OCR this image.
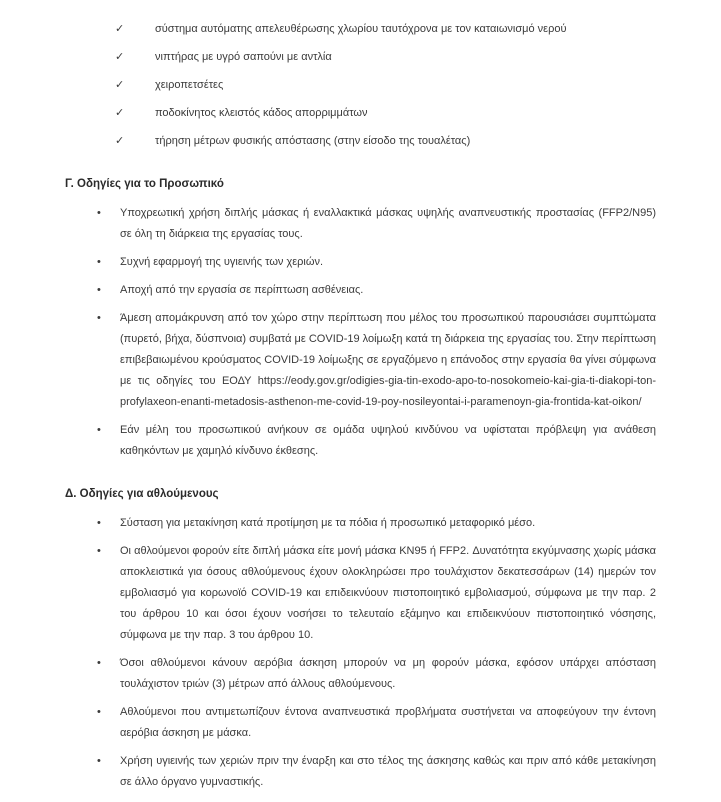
✓	σύστημα αυτόματης απελευθέρωσης χλωρίου ταυτόχρονα με τον καταιωνισμό νερού
✓	νιπτήρας με υγρό σαπούνι με αντλία
✓	χειροπετσέτες
✓	ποδοκίνητος κλειστός κάδος απορριμμάτων
✓	τήρηση μέτρων φυσικής απόστασης (στην είσοδο της τουαλέτας)
Γ. Οδηγίες για το Προσωπικό
•	Υποχρεωτική χρήση διπλής μάσκας ή εναλλακτικά μάσκας υψηλής αναπνευστικής προστασίας (FFP2/N95) σε όλη τη διάρκεια της εργασίας τους.
•	Συχνή εφαρμογή της υγιεινής των χεριών.
•	Αποχή από την εργασία σε περίπτωση ασθένειας.
•	Άμεση απομάκρυνση από τον χώρο στην περίπτωση που μέλος του προσωπικού παρουσιάσει συμπτώματα (πυρετό, βήχα, δύσπνοια) συμβατά με COVID-19 λοίμωξη κατά τη διάρκεια της εργασίας του. Στην περίπτωση επιβεβαιωμένου κρούσματος COVID-19 λοίμωξης σε εργαζόμενο η επάνοδος στην εργασία θα γίνει σύμφωνα με τις οδηγίες του ΕΟΔΥ https://eody.gov.gr/odigies-gia-tin-exodo-apo-to-nosokomeio-kai-gia-ti-diakopi-ton-profylaxeon-enanti-metadosis-asthenon-me-covid-19-poy-nosileyontai-i-paramenoyn-gia-frontida-kat-oikon/
•	Εάν μέλη του προσωπικού ανήκουν σε ομάδα υψηλού κινδύνου να υφίσταται πρόβλεψη για ανάθεση καθηκόντων με χαμηλό κίνδυνο έκθεσης.
Δ. Οδηγίες για αθλούμενους
•	Σύσταση για μετακίνηση κατά προτίμηση με τα πόδια ή προσωπικό μεταφορικό μέσο.
•	Οι αθλούμενοι φορούν είτε διπλή μάσκα είτε μονή μάσκα KN95 ή FFP2. Δυνατότητα εκγύμνασης χωρίς μάσκα αποκλειστικά για όσους αθλούμενους έχουν ολοκληρώσει προ τουλάχιστον δεκατεσσάρων (14) ημερών τον εμβολιασμό για κορωνοϊό COVID-19 και επιδεικνύουν πιστοποιητικό εμβολιασμού, σύμφωνα με την παρ. 2 του άρθρου 10 και όσοι έχουν νοσήσει το τελευταίο εξάμηνο και επιδεικνύουν πιστοποιητικό νόσησης, σύμφωνα με την παρ. 3 του άρθρου 10.
•	Όσοι αθλούμενοι κάνουν αερόβια άσκηση μπορούν να μη φορούν μάσκα, εφόσον υπάρχει απόσταση τουλάχιστον τριών (3) μέτρων από άλλους αθλούμενους.
•	Αθλούμενοι που αντιμετωπίζουν έντονα αναπνευστικά προβλήματα συστήνεται να αποφεύγουν την έντονη αερόβια άσκηση με μάσκα.
•	Χρήση υγιεινής των χεριών πριν την έναρξη και στο τέλος της άσκησης καθώς και πριν από κάθε μετακίνηση σε άλλο όργανο γυμναστικής.
